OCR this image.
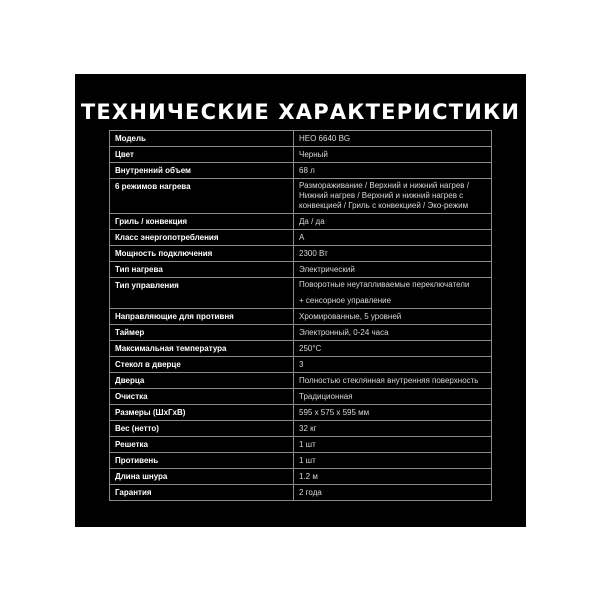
ТЕХНИЧЕСКИЕ ХАРАКТЕРИСТИКИ
Модель	HEO 6640 BG
Цвет	Черный
Внутренний объем	68 л
6 режимов нагрева	Размораживание / Верхний и нижний нагрев / Нижний нагрев / Верхний и нижний нагрев с конвекцией / Гриль с конвекцией / Эко-режим
Гриль / конвекция	Да / да
Класс энергопотребления	A
Мощность подключения	2300 Вт
Тип нагрева	Электрический
Тип управления	Поворотные неутапливаемые переключатели
+ сенсорное управление

Направляющие для противня	Хромированные, 5 уровней
Таймер	Электронный, 0-24 часа
Максимальная температура	250°C
Стекол в дверце	3
Дверца	Полностью стеклянная внутренняя поверхность
Очистка	Традиционная
Размеры (ШхГхВ)	595 х 575 х 595 мм
Вес (нетто)	32 кг
Решетка	1 шт
Противень	1 шт
Длина шнура	1.2 м
Гарантия	2 года
